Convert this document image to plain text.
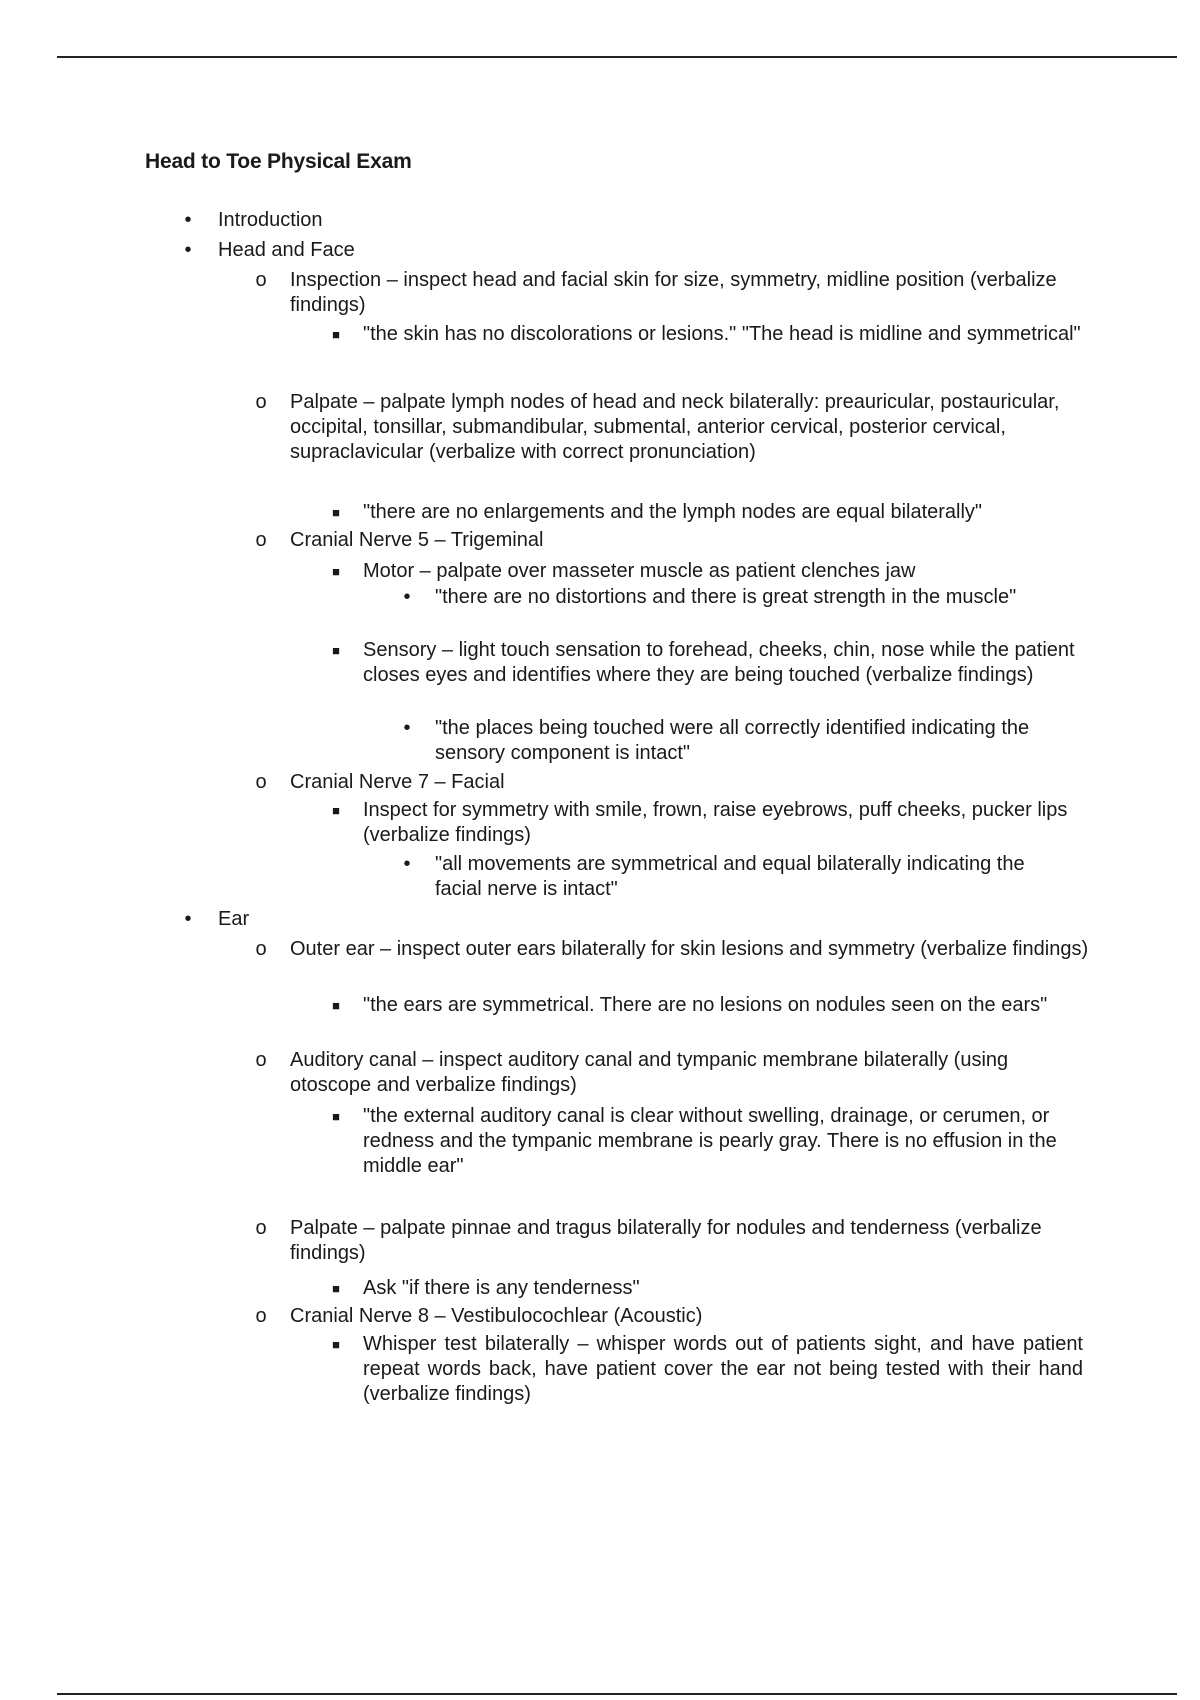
Head to Toe Physical Exam
•	Introduction
•	Head and Face
o Inspection – inspect head and facial skin for size, symmetry, midline position (verbalize findings)
■	"the skin has no discolorations or lesions." "The head is midline and symmetrical"
o Palpate – palpate lymph nodes of head and neck bilaterally: preauricular, postauricular, occipital, tonsillar, submandibular, submental, anterior cervical, posterior cervical, supraclavicular (verbalize with correct pronunciation)
■	"there are no enlargements and the lymph nodes are equal bilaterally"
o Cranial Nerve 5 – Trigeminal
■	Motor – palpate over masseter muscle as patient clenches jaw
•	"there are no distortions and there is great strength in the muscle"
■	Sensory – light touch sensation to forehead, cheeks, chin, nose while the patient closes eyes and identifies where they are being touched (verbalize findings)
•	"the places being touched were all correctly identified indicating the sensory component is intact"
o Cranial Nerve 7 – Facial
■	Inspect for symmetry with smile, frown, raise eyebrows, puff cheeks, pucker lips (verbalize findings)
•	"all movements are symmetrical and equal bilaterally indicating the facial nerve is intact"
•	Ear
o Outer ear – inspect outer ears bilaterally for skin lesions and symmetry (verbalize findings)
■	"the ears are symmetrical. There are no lesions on nodules seen on the ears"
o Auditory canal – inspect auditory canal and tympanic membrane bilaterally (using otoscope and verbalize findings)
■	"the external auditory canal is clear without swelling, drainage, or cerumen, or redness and the tympanic membrane is pearly gray. There is no effusion in the middle ear"
o Palpate – palpate pinnae and tragus bilaterally for nodules and tenderness (verbalize findings)
■	Ask "if there is any tenderness"
o Cranial Nerve 8 – Vestibulocochlear (Acoustic)
■	Whisper test bilaterally – whisper words out of patients sight, and have patient repeat words back, have patient cover the ear not being tested with their hand (verbalize findings)
